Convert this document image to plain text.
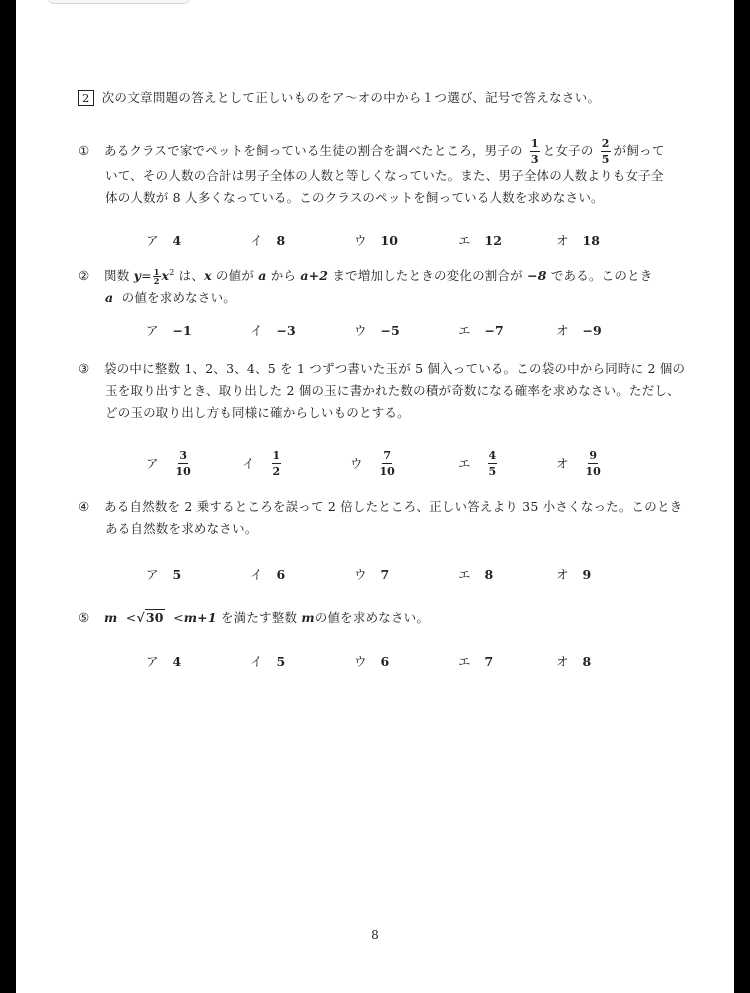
2 次の文章問題の答えとして正しいものをア〜オの中から１つ選び、記号で答えなさい。
① あるクラスで家でペットを飼っている生徒の割合を調べたところ，男子の $\frac{1}{3}$ と女子の $\frac{2}{5}$ が飼って
いて、その人数の合計は男子全体の人数と等しくなっていた。また、男子全体の人数よりも女子全
体の人数が 8 人多くなっている。このクラスのペットを飼っている人数を求めなさい。
ア 4	イ 8	ウ 10	エ 12	オ 18
② 関数 $y= \frac{1}{2} x^2$ は、x の値が a から a+2 まで増加したときの変化の割合が −8 である。このとき
a の値を求めなさい。
ア −1	イ −3	ウ −5	エ −7	オ −9
③ 袋の中に整数 1、2、3、4、5 を 1 つずつ書いた玉が 5 個入っている。この袋の中から同時に 2 個の
玉を取り出すとき、取り出した 2 個の玉に書かれた数の積が奇数になる確率を求めなさい。ただし、
どの玉の取り出し方も同様に確からしいものとする。
ア $\frac{3}{10}$	イ $\frac{1}{2}$	ウ $\frac{7}{10}$	エ $\frac{4}{5}$	オ $\frac{9}{10}$
④ ある自然数を 2 乗するところを誤って 2 倍したところ、正しい答えより 35 小さくなった。このとき
ある自然数を求めなさい。
ア 5	イ 6	ウ 7	エ 8	オ 9
⑤ m <√30 <m+1 を満たす整数 mの値を求めなさい。
ア 4	イ 5	ウ 6	エ 7	オ 8
8
